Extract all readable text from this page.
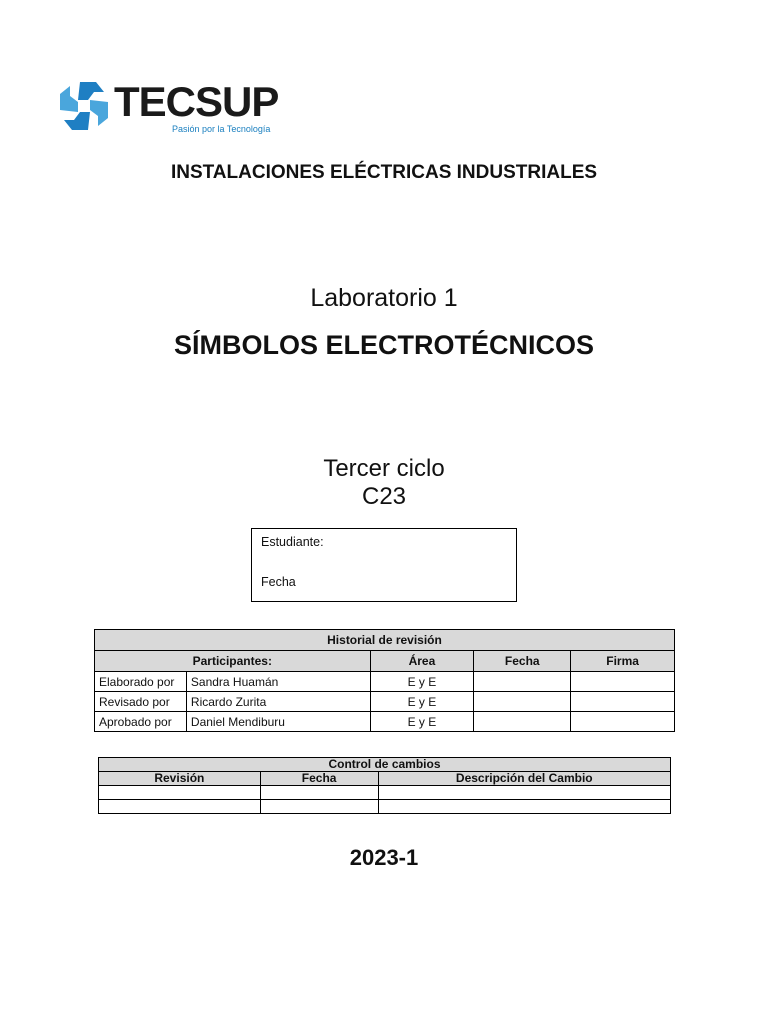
TECSUP
Pasión por la Tecnología
INSTALACIONES ELÉCTRICAS INDUSTRIALES
Laboratorio 1
SÍMBOLOS ELECTROTÉCNICOS
Tercer ciclo
C23
Estudiante:
Fecha
Historial de revisión				
Participantes:		Área	Fecha	Firma
Elaborado por	Sandra Huamán	E y E		
Revisado por	Ricardo Zurita	E y E		
Aprobado por	Daniel Mendiburu	E y E		
Control de cambios		
Revisión	Fecha	Descripción del Cambio

2023-1
